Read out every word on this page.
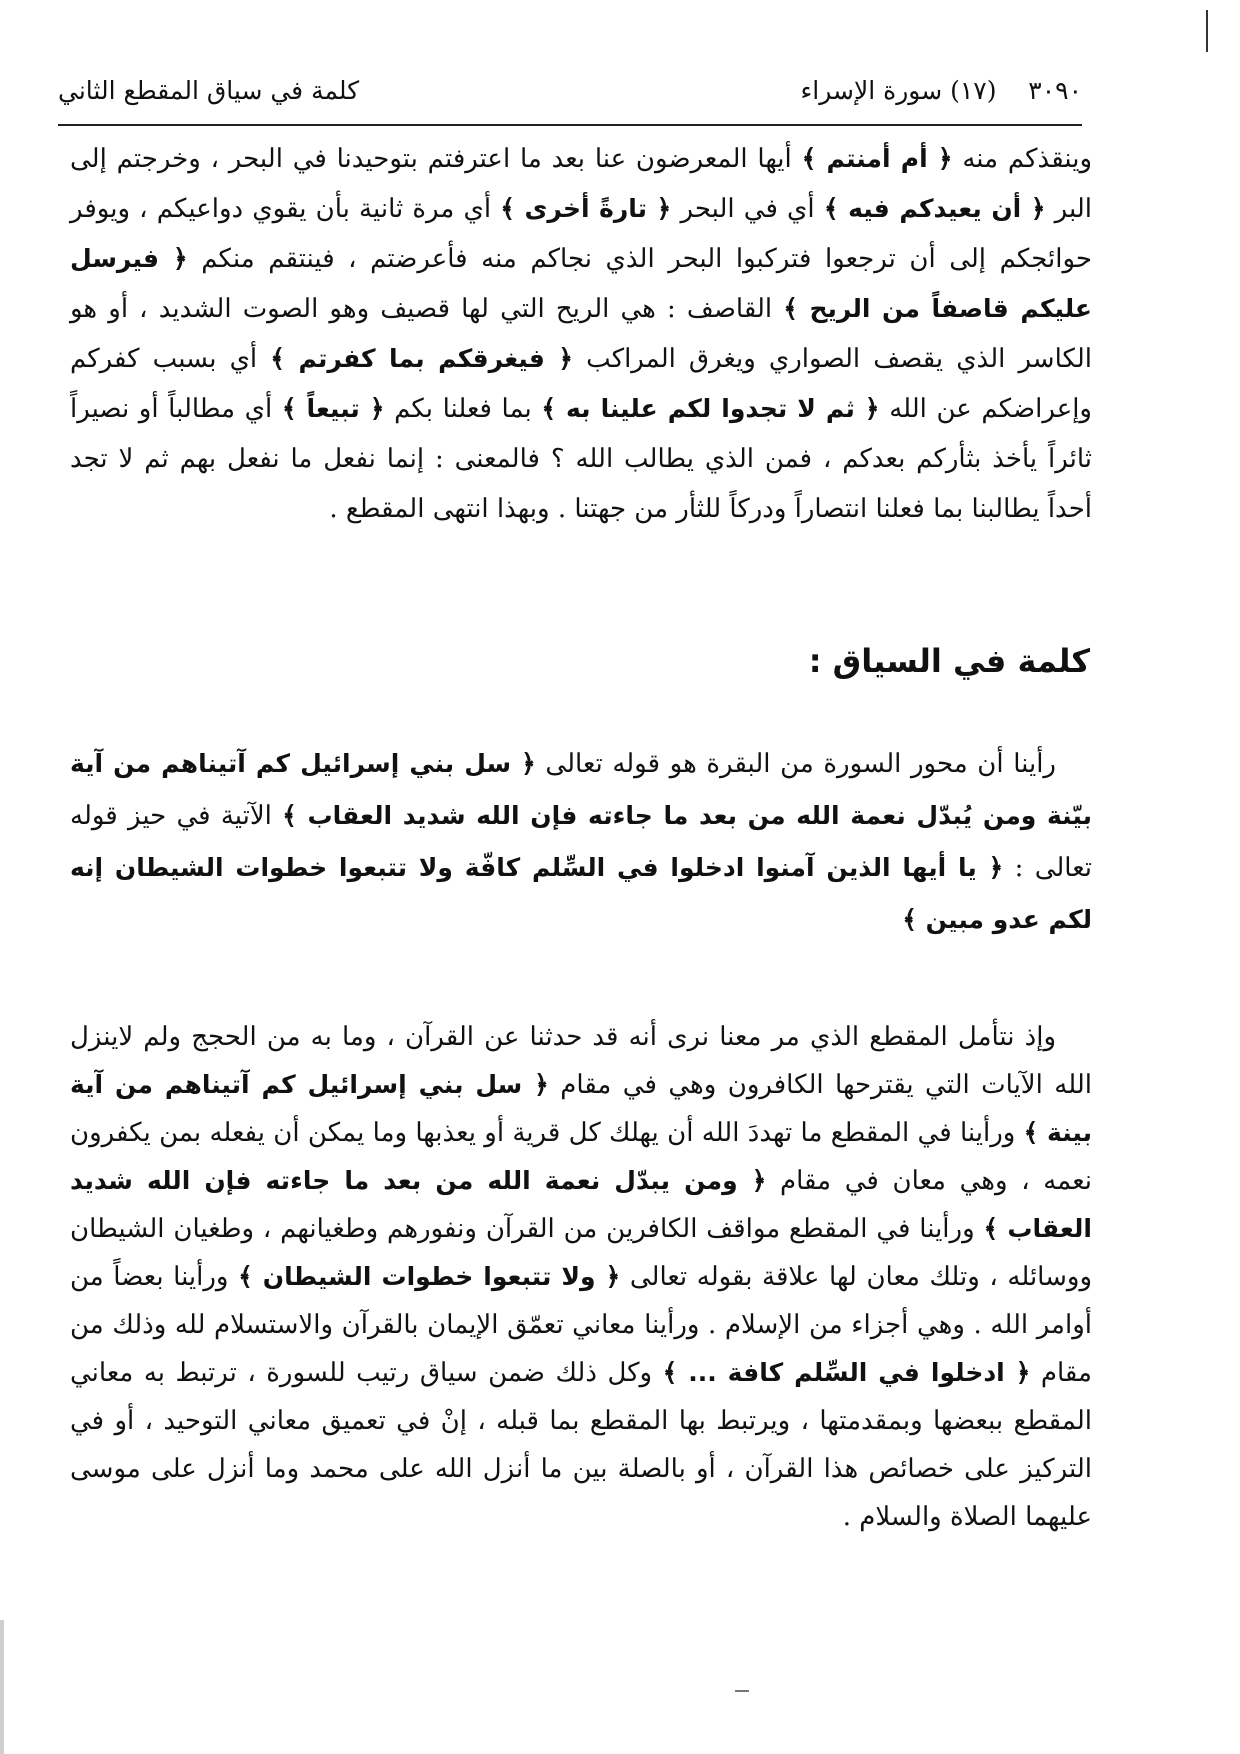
٣٠٩٠    (١٧) سورة الإسراء
كلمة في سياق المقطع الثاني

وينقذكم منه ﴿ أم أمنتم ﴾ أيها المعرضون عنا بعد ما اعترفتم بتوحيدنا في البحر ، وخرجتم إلى البر ﴿ أن يعيدكم فيه ﴾ أي في البحر ﴿ تارةً أخرى ﴾ أي مرة ثانية بأن يقوي دواعيكم ، ويوفر حوائجكم إلى أن ترجعوا فتركبوا البحر الذي نجاكم منه فأعرضتم ، فينتقم منكم ﴿ فيرسل عليكم قاصفاً من الريح ﴾ القاصف : هي الريح التي لها قصيف وهو الصوت الشديد ، أو هو الكاسر الذي يقصف الصواري ويغرق المراكب ﴿ فيغرقكم بما كفرتم ﴾ أي بسبب كفركم وإعراضكم عن الله ﴿ ثم لا تجدوا لكم علينا به ﴾ بما فعلنا بكم ﴿ تبيعاً ﴾ أي مطالباً أو نصيراً ثائراً يأخذ بثأركم بعدكم ، فمن الذي يطالب الله ؟ فالمعنى : إنما نفعل ما نفعل بهم ثم لا تجد أحداً يطالبنا بما فعلنا انتصاراً ودركاً للثأر من جهتنا . وبهذا انتهى المقطع .

كلمة في السياق :

رأينا أن محور السورة من البقرة هو قوله تعالى ﴿ سل بني إسرائيل كم آتيناهم من آية بيّنة ومن يُبدّل نعمة الله من بعد ما جاءته فإن الله شديد العقاب ﴾ الآتية في حيز قوله تعالى : ﴿ يا أيها الذين آمنوا ادخلوا في السِّلم كافّة ولا تتبعوا خطوات الشيطان إنه لكم عدو مبين ﴾

وإذ نتأمل المقطع الذي مر معنا نرى أنه قد حدثنا عن القرآن ، وما به من الحجج ولم لاينزل الله الآيات التي يقترحها الكافرون وهي في مقام ﴿ سل بني إسرائيل كم آتيناهم من آية بينة ﴾ ورأينا في المقطع ما تهددَ الله أن يهلك كل قرية أو يعذبها وما يمكن أن يفعله بمن يكفرون نعمه ، وهي معان في مقام ﴿ ومن يبدّل نعمة الله من بعد ما جاءته فإن الله شديد العقاب ﴾ ورأينا في المقطع مواقف الكافرين من القرآن ونفورهم وطغيانهم ، وطغيان الشيطان ووسائله ، وتلك معان لها علاقة بقوله تعالى ﴿ ولا تتبعوا خطوات الشيطان ﴾ ورأينا بعضاً من أوامر الله . وهي أجزاء من الإسلام . ورأينا معاني تعمّق الإيمان بالقرآن والاستسلام لله وذلك من مقام ﴿ ادخلوا في السِّلم كافة ... ﴾ وكل ذلك ضمن سياق رتيب للسورة ، ترتبط به معاني المقطع ببعضها وبمقدمتها ، ويرتبط بها المقطع بما قبله ، إنْ في تعميق معاني التوحيد ، أو في التركيز على خصائص هذا القرآن ، أو بالصلة بين ما أنزل الله على محمد وما أنزل على موسى عليهما الصلاة والسلام .
